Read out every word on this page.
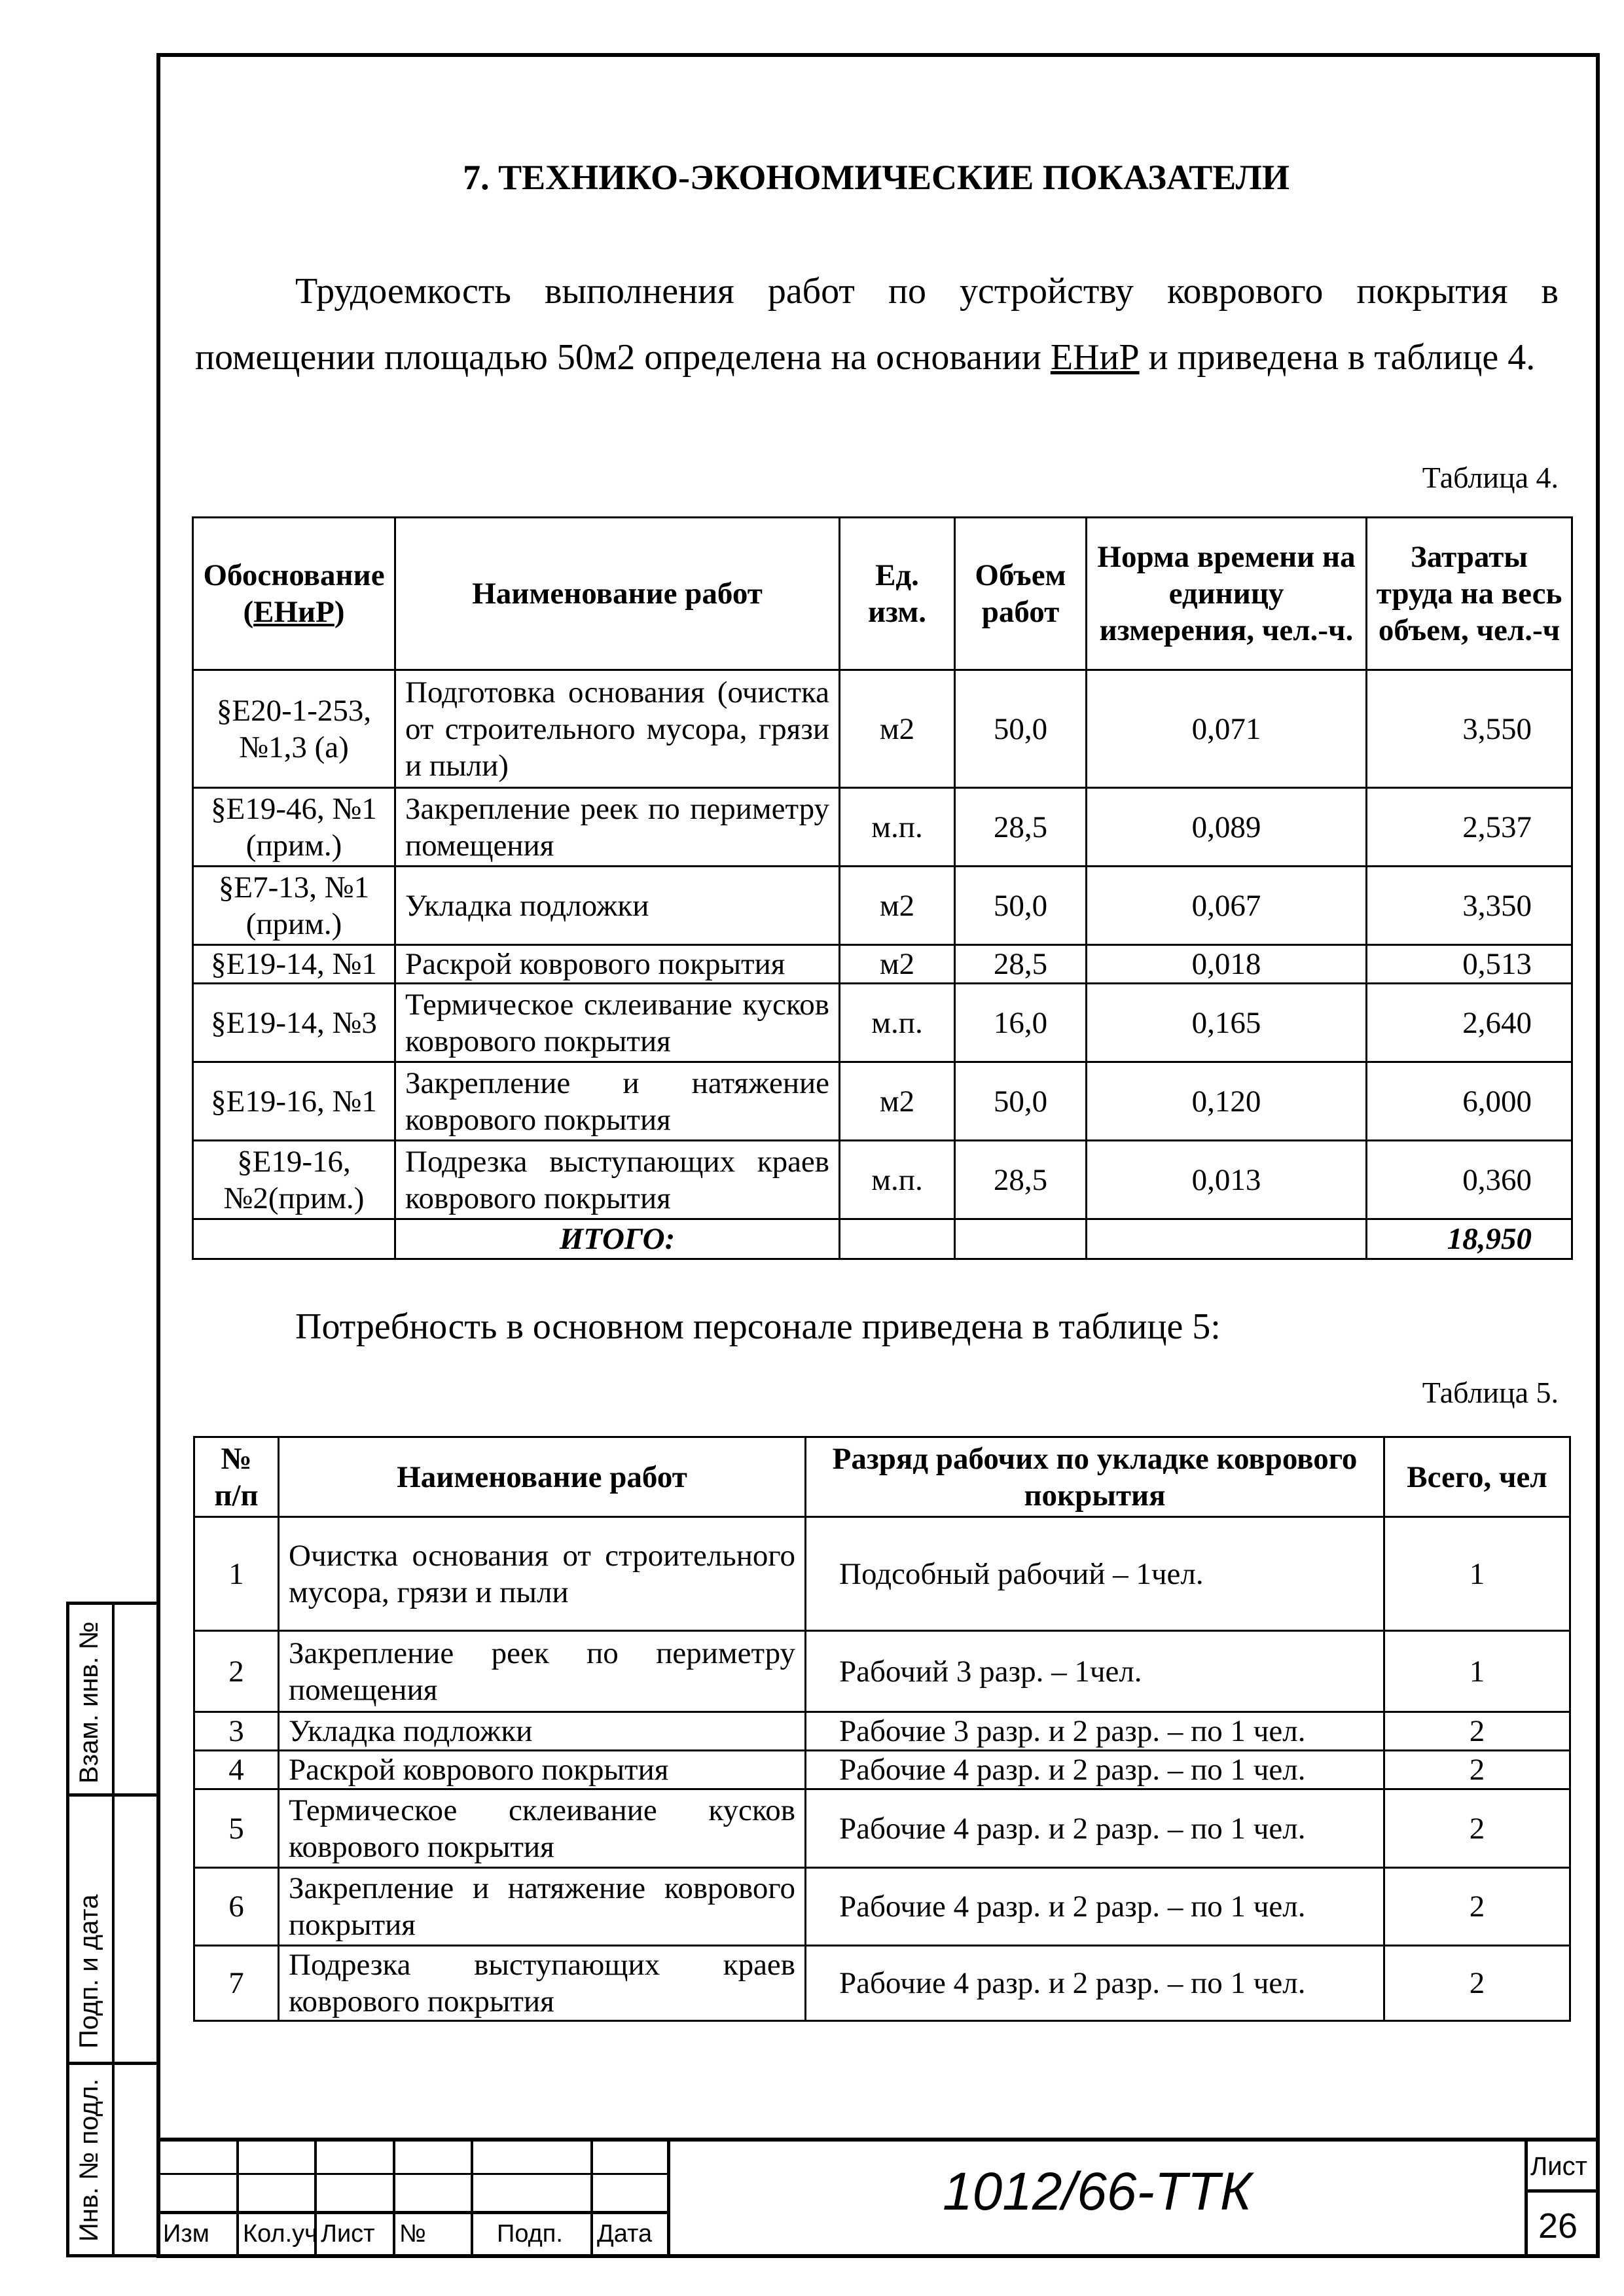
7. ТЕХНИКО-ЭКОНОМИЧЕСКИЕ ПОКАЗАТЕЛИ
Трудоемкость выполнения работ по устройству коврового покрытия в помещении площадью 50м2 определена на основании ЕНиР и приведена в таблице 4.
Таблица 4.
Обоснование
(ЕНиР)	Наименование работ	Ед. изм.	Объем работ	Норма времени на единицу измерения, чел.-ч.	Затраты труда на весь объем, чел.-ч
§Е20-1-253, №1,3 (а)	Подготовка основания (очистка от строительного мусора, грязи и пыли)	м2	50,0	0,071	3,550
§Е19-46, №1 (прим.)	Закрепление реек по периметру помещения	м.п.	28,5	0,089	2,537
§Е7-13, №1 (прим.)	Укладка подложки	м2	50,0	0,067	3,350
§Е19-14, №1	Раскрой коврового покрытия	м2	28,5	0,018	0,513
§Е19-14, №3	Термическое склеивание кусков коврового покрытия	м.п.	16,0	0,165	2,640
§Е19-16, №1	Закрепление и натяжение коврового покрытия	м2	50,0	0,120	6,000
§Е19-16, №2(прим.)	Подрезка выступающих краев коврового покрытия	м.п.	28,5	0,013	0,360
	ИТОГО:				18,950
Потребность в основном персонале приведена в таблице 5:
Таблица 5.
№ п/п	Наименование работ	Разряд рабочих по укладке коврового покрытия	Всего, чел
1	Очистка основания от строительного мусора, грязи и пыли	Подсобный рабочий – 1чел.	1
2	Закрепление реек по периметру помещения	Рабочий 3 разр. – 1чел.	1
3	Укладка подложки	Рабочие 3 разр. и 2 разр. – по 1 чел.	2
4	Раскрой коврового покрытия	Рабочие 4 разр. и 2 разр. – по 1 чел.	2
5	Термическое склеивание кусков коврового покрытия	Рабочие 4 разр. и 2 разр. – по 1 чел.	2
6	Закрепление и натяжение коврового покрытия	Рабочие 4 разр. и 2 разр. – по 1 чел.	2
7	Подрезка выступающих краев коврового покрытия	Рабочие 4 разр. и 2 разр. – по 1 чел.	2
Взам. инв. №
Подп. и дата
Инв. № подл. Изм Кол.уч Лист №	Подп. Дата
1012/66-ТТК	Лист
26
